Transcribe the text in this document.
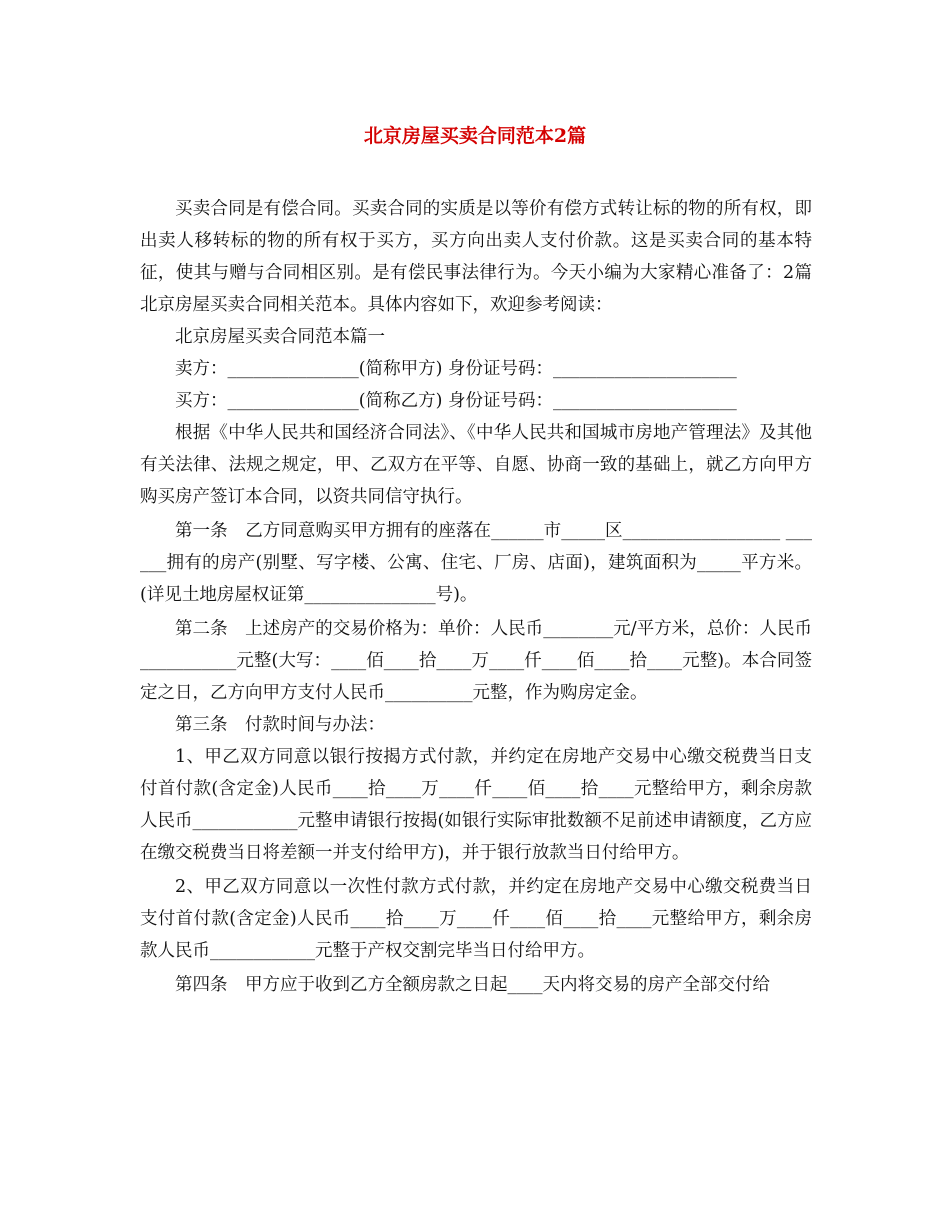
北京房屋买卖合同范本2篇

买卖合同是有偿合同。买卖合同的实质是以等价有偿方式转让标的物的所有权，即出卖人移转标的物的所有权于买方，买方向出卖人支付价款。这是买卖合同的基本特征，使其与赠与合同相区别。是有偿民事法律行为。今天小编为大家精心准备了：2篇北京房屋买卖合同相关范本。具体内容如下，欢迎参考阅读：

北京房屋买卖合同范本篇一

卖方：_______________(简称甲方) 身份证号码：_____________________

买方：_______________(简称乙方) 身份证号码：_____________________

根据《中华人民共和国经济合同法》、《中华人民共和国城市房地产管理法》及其他有关法律、法规之规定，甲、乙双方在平等、自愿、协商一致的基础上，就乙方向甲方购买房产签订本合同，以资共同信守执行。

第一条　乙方同意购买甲方拥有的座落在______市_____区__________________ ______拥有的房产(别墅、写字楼、公寓、住宅、厂房、店面)，建筑面积为_____平方米。(详见土地房屋权证第_______________号)。

第二条　上述房产的交易价格为：单价：人民币________元/平方米，总价：人民币___________元整(大写：____佰____拾____万____仟____佰____拾____元整)。本合同签定之日，乙方向甲方支付人民币__________元整，作为购房定金。

第三条　付款时间与办法：

1、甲乙双方同意以银行按揭方式付款，并约定在房地产交易中心缴交税费当日支付首付款(含定金)人民币____拾____万____仟____佰____拾____元整给甲方，剩余房款人民币____________元整申请银行按揭(如银行实际审批数额不足前述申请额度，乙方应在缴交税费当日将差额一并支付给甲方)，并于银行放款当日付给甲方。

2、甲乙双方同意以一次性付款方式付款，并约定在房地产交易中心缴交税费当日支付首付款(含定金)人民币____拾____万____仟____佰____拾____元整给甲方，剩余房款人民币____________元整于产权交割完毕当日付给甲方。

第四条　甲方应于收到乙方全额房款之日起____天内将交易的房产全部交付给
